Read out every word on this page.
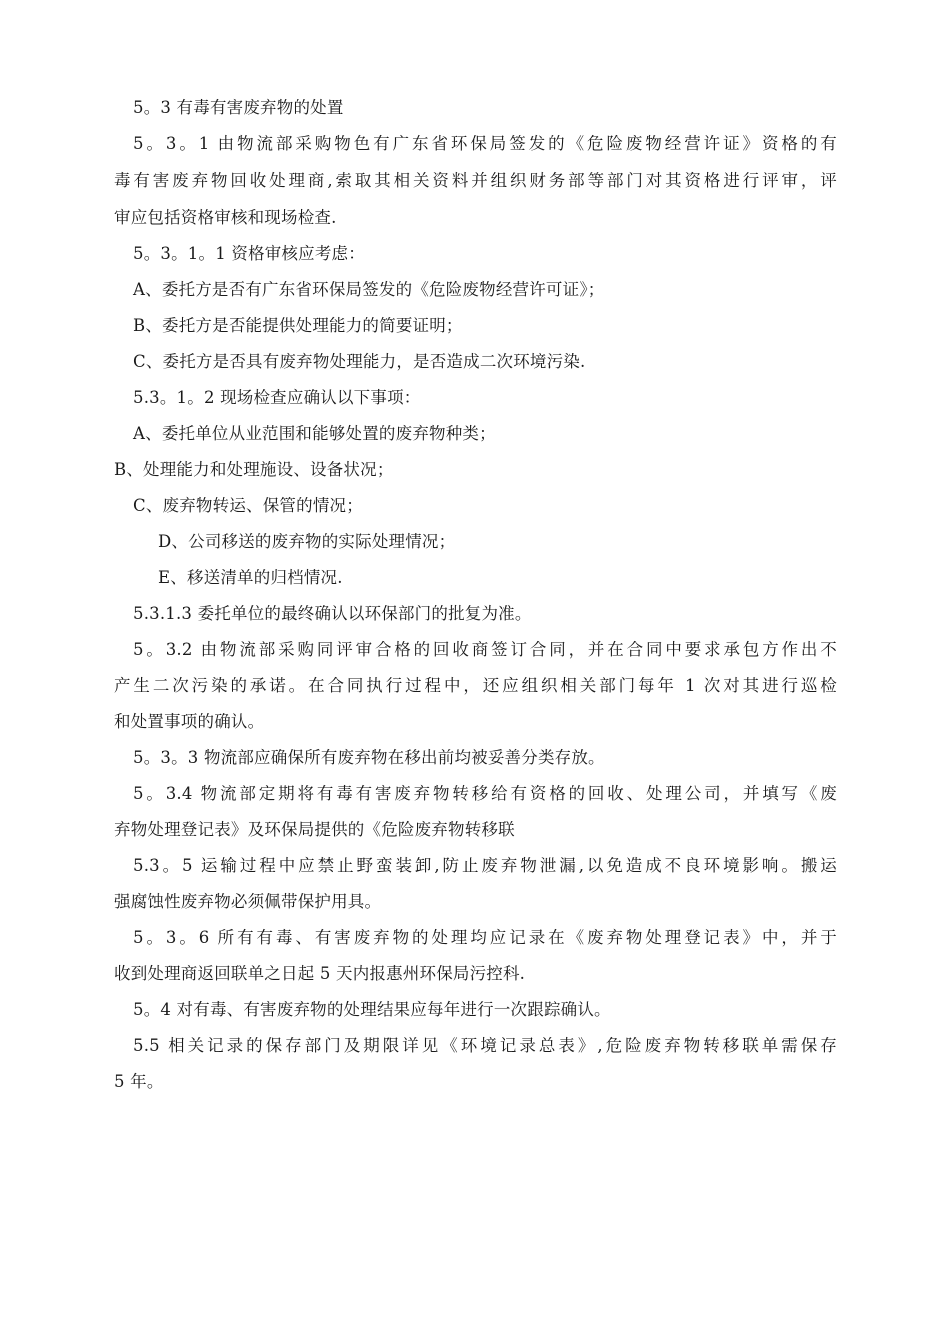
5。3 有毒有害废弃物的处置
5。3。1 由物流部采购物色有广东省环保局签发的《危险废物经营许证》资格的有
毒有害废弃物回收处理商,索取其相关资料并组织财务部等部门对其资格进行评审，评
审应包括资格审核和现场检查.
5。3。1。1 资格审核应考虑：
A、委托方是否有广东省环保局签发的《危险废物经营许可证》；
B、委托方是否能提供处理能力的简要证明；
C、委托方是否具有废弃物处理能力，是否造成二次环境污染.
5.3。1。2 现场检查应确认以下事项：
A、委托单位从业范围和能够处置的废弃物种类；
B、处理能力和处理施设、设备状况；
C、废弃物转运、保管的情况；
D、公司移送的废弃物的实际处理情况；
E、移送清单的归档情况.
5.3.1.3 委托单位的最终确认以环保部门的批复为准。
5。3.2 由物流部采购同评审合格的回收商签订合同，并在合同中要求承包方作出不
产生二次污染的承诺。在合同执行过程中，还应组织相关部门每年 1 次对其进行巡检
和处置事项的确认。
5。3。3 物流部应确保所有废弃物在移出前均被妥善分类存放。
5。3.4 物流部定期将有毒有害废弃物转移给有资格的回收、处理公司，并填写《废
弃物处理登记表》及环保局提供的《危险废弃物转移联
5.3。5 运输过程中应禁止野蛮装卸,防止废弃物泄漏,以免造成不良环境影响。搬运
强腐蚀性废弃物必须佩带保护用具。
5。3。6 所有有毒、有害废弃物的处理均应记录在《废弃物处理登记表》中，并于
收到处理商返回联单之日起 5 天内报惠州环保局污控科.
5。4 对有毒、有害废弃物的处理结果应每年进行一次跟踪确认。
5.5 相关记录的保存部门及期限详见《环境记录总表》,危险废弃物转移联单需保存
5 年。
